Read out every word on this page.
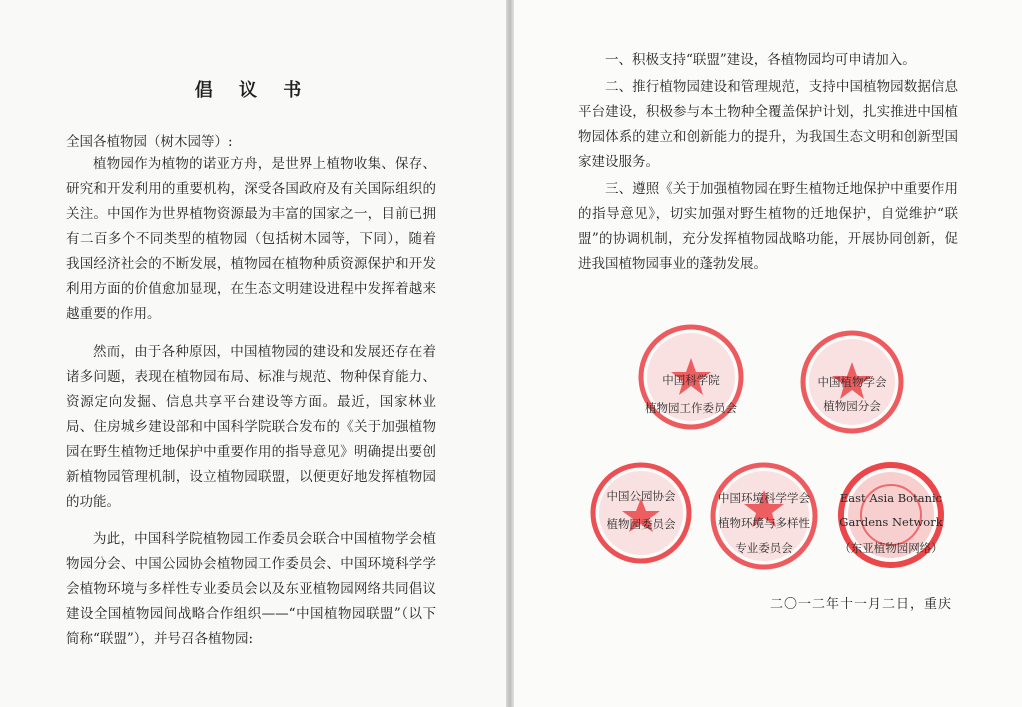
倡 议 书
全国各植物园（树木园等）:

植物园作为植物的诺亚方舟，是世界上植物收集、保存、研究和开发利用的重要机构，深受各国政府及有关国际组织的关注。中国作为世界植物资源最为丰富的国家之一，目前已拥有二百多个不同类型的植物园（包括树木园等，下同），随着我国经济社会的不断发展，植物园在植物种质资源保护和开发利用方面的价值愈加显现，在生态文明建设进程中发挥着越来越重要的作用。

然而，由于各种原因，中国植物园的建设和发展还存在着诸多问题，表现在植物园布局、标准与规范、物种保育能力、资源定向发掘、信息共享平台建设等方面。最近，国家林业局、住房城乡建设部和中国科学院联合发布的《关于加强植物园在野生植物迁地保护中重要作用的指导意见》明确提出要创新植物园管理机制，设立植物园联盟，以便更好地发挥植物园的功能。

为此，中国科学院植物园工作委员会联合中国植物学会植物园分会、中国公园协会植物园工作委员会、中国环境科学学会植物环境与多样性专业委员会以及东亚植物园网络共同倡议建设全国植物园间战略合作组织——“中国植物园联盟”（以下简称“联盟”），并号召各植物园:

一、积极支持“联盟”建设，各植物园均可申请加入。

二、推行植物园建设和管理规范，支持中国植物园数据信息平台建设，积极参与本土物种全覆盖保护计划，扎实推进中国植物园体系的建立和创新能力的提升，为我国生态文明和创新型国家建设服务。

三、遵照《关于加强植物园在野生植物迁地保护中重要作用的指导意见》，切实加强对野生植物的迁地保护，自觉维护“联盟”的协调机制，充分发挥植物园战略功能，开展协同创新，促进我国植物园事业的蓬勃发展。

中国科学院
植物园工作委员会
中国植物学会
植物园分会
中国公园协会
植物园委员会
中国环境科学学会
植物环境与多样性
专业委员会
East Asia Botanic
Gardens Network
（东亚植物园网络）
二〇一二年十一月二日，重庆
